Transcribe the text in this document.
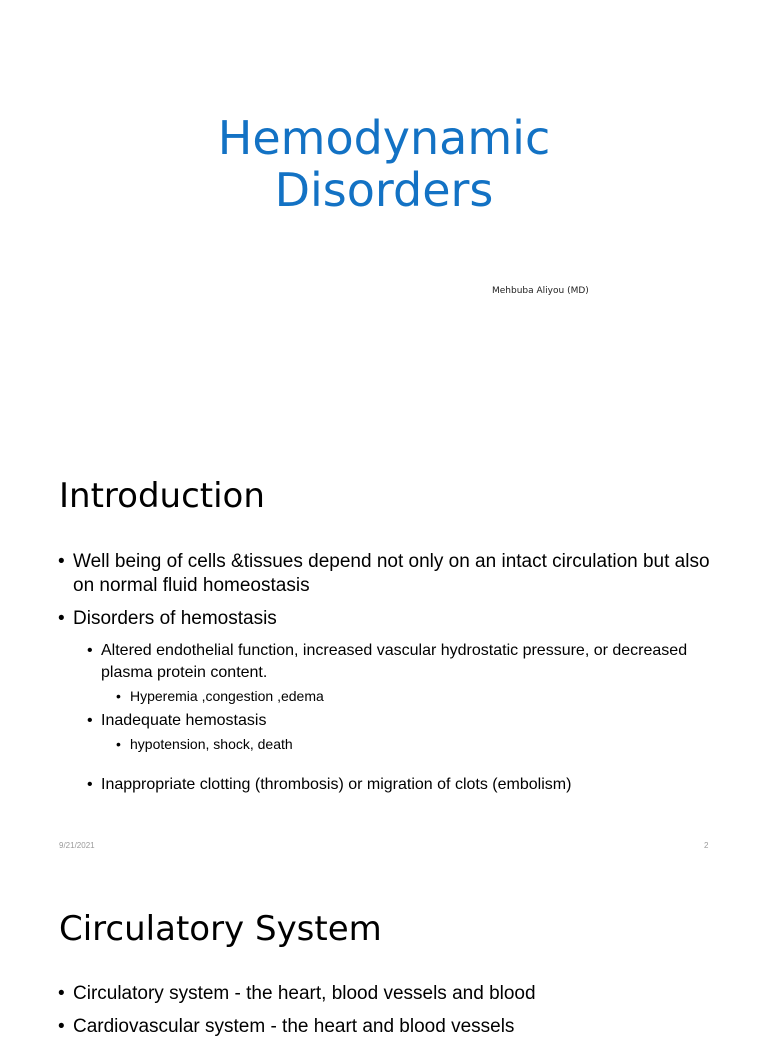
Hemodynamic
Disorders
Mehbuba Aliyou (MD)
Introduction
• Well being of cells &tissues depend not only on an intact circulation but also on normal fluid homeostasis
• Disorders of hemostasis
• Altered endothelial function, increased vascular hydrostatic pressure, or decreased plasma protein content.
• Hyperemia ,congestion ,edema
• Inadequate hemostasis
• hypotension, shock, death
• Inappropriate clotting (thrombosis) or migration of clots (embolism)
9/21/2021	2
Circulatory System
• Circulatory system - the heart, blood vessels and blood
• Cardiovascular system - the heart and blood vessels
